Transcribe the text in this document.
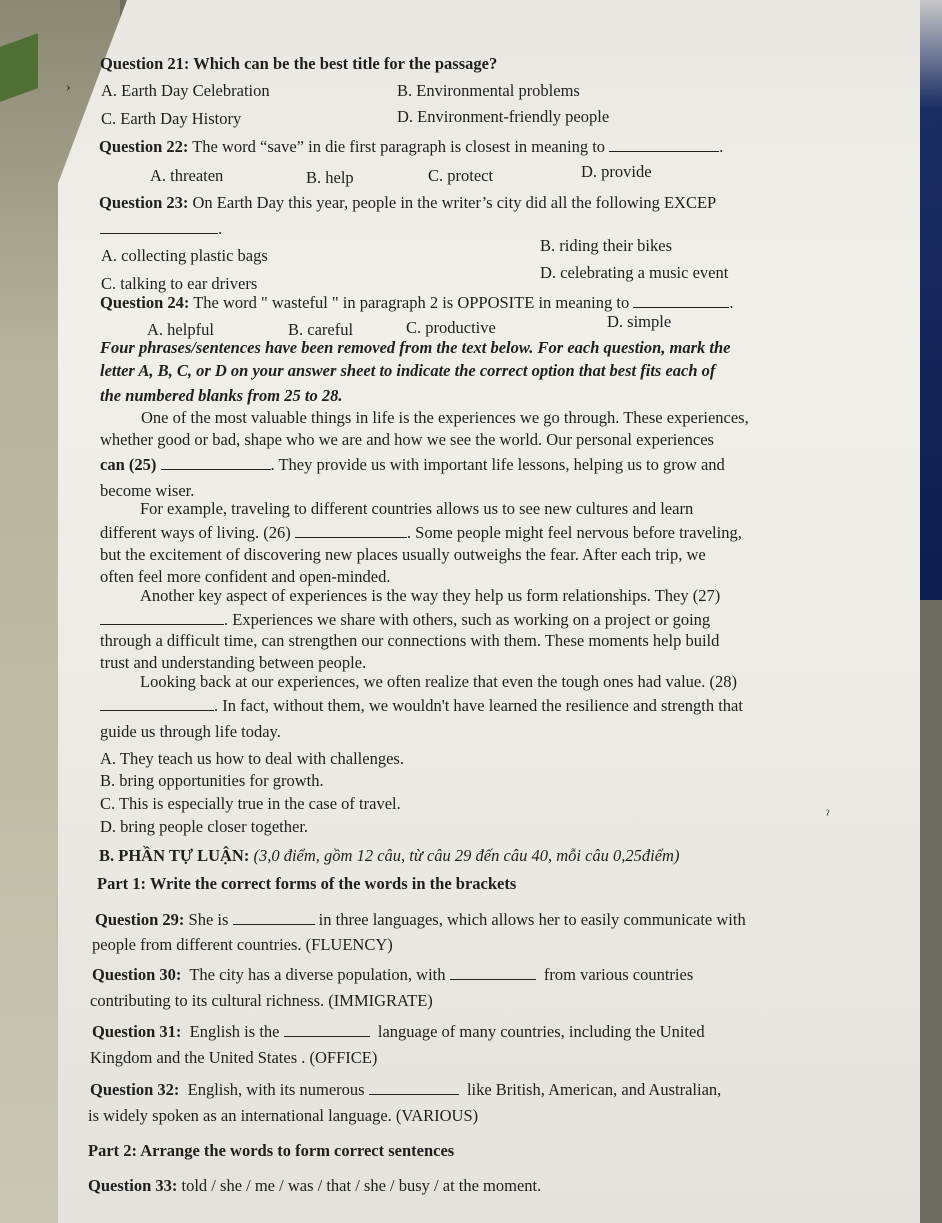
Question 21: Which can be the best title for the passage?
› A. Earth Day Celebration	B. Environmental problems
C. Earth Day History	D. Environment-friendly people
Question 22: The word “save” in die first paragraph is closest in meaning to	.
A. threaten	B. help	C. protect	D. provide
Question 23: On Earth Day this year, people in the writer’s city did all the following EXCEP
.
A. collecting plastic bags
B. riding their bikes
C. talking to ear drivers
D. celebrating a music event
Question 24: The word " wasteful " in paragraph 2 is OPPOSITE in meaning to	.
A. helpful	B. careful	C. productive	D. simple
Four phrases/sentences have been removed from the text below. For each question, mark the
letter A, B, C, or D on your answer sheet to indicate the correct option that best fits each of
the numbered blanks from 25 to 28.
One of the most valuable things in life is the experiences we go through. These experiences,
whether good or bad, shape who we are and how we see the world. Our personal experiences
can (25)	. They provide us with important life lessons, helping us to grow and
become wiser.
For example, traveling to different countries allows us to see new cultures and learn
different ways of living. (26)	. Some people might feel nervous before traveling,
but the excitement of discovering new places usually outweighs the fear. After each trip, we
often feel more confident and open-minded.
Another key aspect of experiences is the way they help us form relationships. They (27)
. Experiences we share with others, such as working on a project or going
through a difficult time, can strengthen our connections with them. These moments help build
trust and understanding between people.
Looking back at our experiences, we often realize that even the tough ones had value. (28)
. In fact, without them, we wouldn't have learned the resilience and strength that
guide us through life today.
A. They teach us how to deal with challenges.
B. bring opportunities for growth.
C. This is especially true in the case of travel.
D. bring people closer together.
ˀ
B. PHẦN TỰ LUẬN: (3,0 điểm, gồm 12 câu, từ câu 29 đến câu 40, mỗi câu 0,25điểm)
Part 1: Write the correct forms of the words in the brackets
Question 29: She is	in three languages, which allows her to easily communicate with
people from different countries. (FLUENCY)
Question 30: The city has a diverse population, with	from various countries
contributing to its cultural richness. (IMMIGRATE)
Question 31: English is the	language of many countries, including the United
Kingdom and the United States . (OFFICE)
Question 32: English, with its numerous	like British, American, and Australian,
is widely spoken as an international language. (VARIOUS)
Part 2: Arrange the words to form correct sentences
Question 33: told / she / me / was / that / she / busy / at the moment.
